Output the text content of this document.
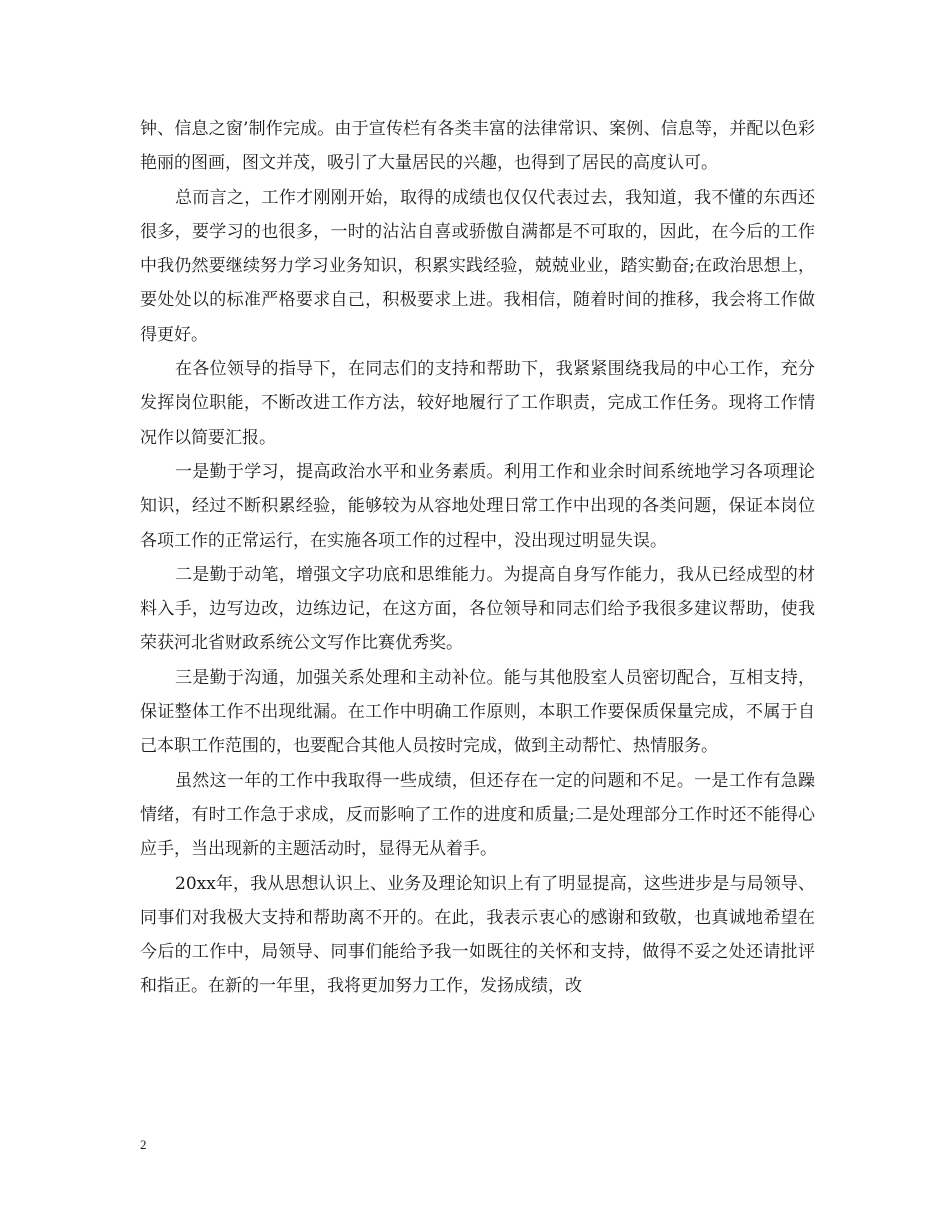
钟、信息之窗’制作完成。由于宣传栏有各类丰富的法律常识、案例、信息等，并配以色彩艳丽的图画，图文并茂，吸引了大量居民的兴趣，也得到了居民的高度认可。

总而言之，工作才刚刚开始，取得的成绩也仅仅代表过去，我知道，我不懂的东西还很多，要学习的也很多，一时的沾沾自喜或骄傲自满都是不可取的，因此，在今后的工作中我仍然要继续努力学习业务知识，积累实践经验，兢兢业业，踏实勤奋;在政治思想上，要处处以的标准严格要求自己，积极要求上进。我相信，随着时间的推移，我会将工作做得更好。

在各位领导的指导下，在同志们的支持和帮助下，我紧紧围绕我局的中心工作，充分发挥岗位职能，不断改进工作方法，较好地履行了工作职责，完成工作任务。现将工作情况作以简要汇报。

一是勤于学习，提高政治水平和业务素质。利用工作和业余时间系统地学习各项理论知识，经过不断积累经验，能够较为从容地处理日常工作中出现的各类问题，保证本岗位各项工作的正常运行，在实施各项工作的过程中，没出现过明显失误。

二是勤于动笔，增强文字功底和思维能力。为提高自身写作能力，我从已经成型的材料入手，边写边改，边练边记，在这方面，各位领导和同志们给予我很多建议帮助，使我荣获河北省财政系统公文写作比赛优秀奖。

三是勤于沟通，加强关系处理和主动补位。能与其他股室人员密切配合，互相支持，保证整体工作不出现纰漏。在工作中明确工作原则，本职工作要保质保量完成，不属于自己本职工作范围的，也要配合其他人员按时完成，做到主动帮忙、热情服务。

虽然这一年的工作中我取得一些成绩，但还存在一定的问题和不足。一是工作有急躁情绪，有时工作急于求成，反而影响了工作的进度和质量;二是处理部分工作时还不能得心应手，当出现新的主题活动时，显得无从着手。

20xx年，我从思想认识上、业务及理论知识上有了明显提高，这些进步是与局领导、同事们对我极大支持和帮助离不开的。在此，我表示衷心的感谢和致敬，也真诚地希望在今后的工作中，局领导、同事们能给予我一如既往的关怀和支持，做得不妥之处还请批评和指正。在新的一年里，我将更加努力工作，发扬成绩，改

2
